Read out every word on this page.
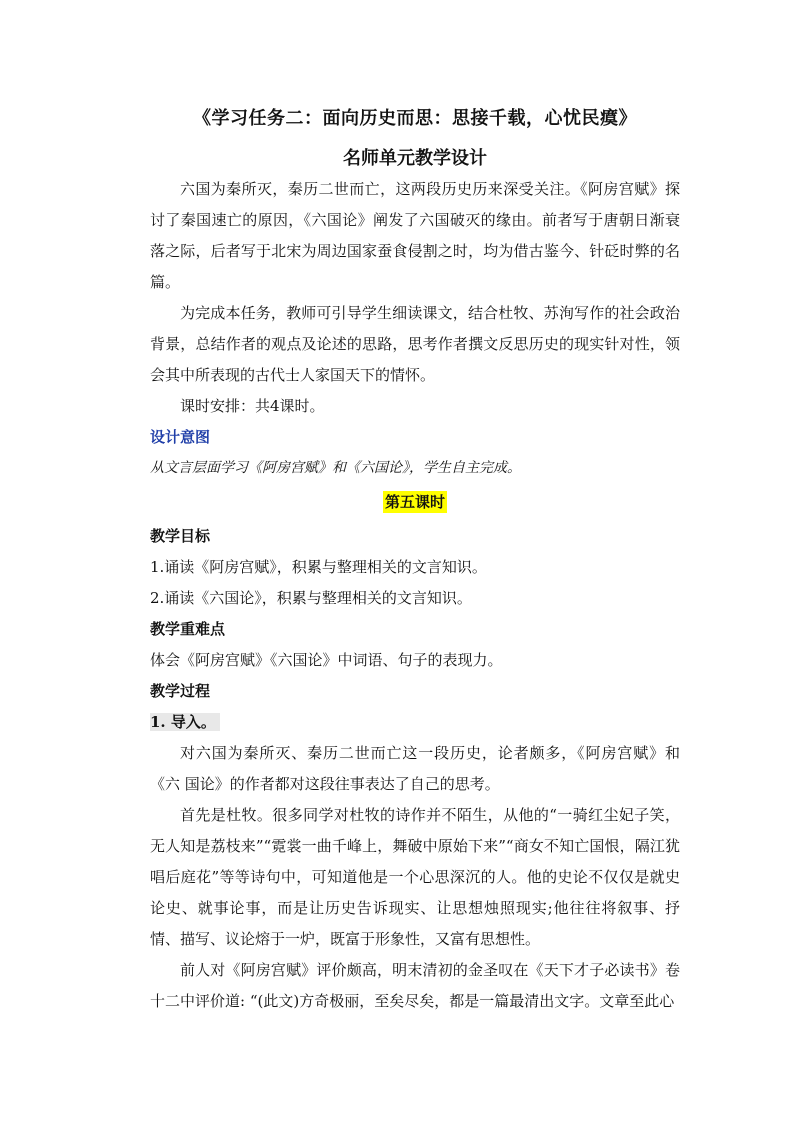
《学习任务二：面向历史而思：思接千载，心忧民瘼》

名师单元教学设计

六国为秦所灭，秦历二世而亡，这两段历史历来深受关注。《阿房宫赋》探讨了秦国速亡的原因，《六国论》阐发了六国破灭的缘由。前者写于唐朝日渐衰落之际，后者写于北宋为周边国家蚕食侵割之时，均为借古鉴今、针砭时弊的名篇。

为完成本任务，教师可引导学生细读课文，结合杜牧、苏洵写作的社会政治背景，总结作者的观点及论述的思路，思考作者撰文反思历史的现实针对性，领会其中所表现的古代士人家国天下的情怀。

课时安排：共4课时。

设计意图

从文言层面学习《阿房宫赋》和《六国论》，学生自主完成。

第五课时

教学目标

1.诵读《阿房宫赋》，积累与整理相关的文言知识。

2.诵读《六国论》，积累与整理相关的文言知识。

教学重难点

体会《阿房宫赋》《六国论》中词语、句子的表现力。

教学过程

1. 导入。

对六国为秦所灭、秦历二世而亡这一段历史，论者颇多，《阿房宫赋》和《六 国论》的作者都对这段往事表达了自己的思考。

首先是杜牧。很多同学对杜牧的诗作并不陌生，从他的“一骑红尘妃子笑，无人知是荔枝来”“霓裳一曲千峰上，舞破中原始下来”“商女不知亡国恨，隔江犹唱后庭花”等等诗句中，可知道他是一个心思深沉的人。他的史论不仅仅是就史论史、就事论事，而是让历史告诉现实、让思想烛照现实;他往往将叙事、抒情、描写、议论熔于一炉，既富于形象性，又富有思想性。

前人对《阿房宫赋》评价颇高，明末清初的金圣叹在《天下才子必读书》卷十二中评价道: “(此文)方奇极丽，至矣尽矣，都是一篇最清出文字。文章至此心
